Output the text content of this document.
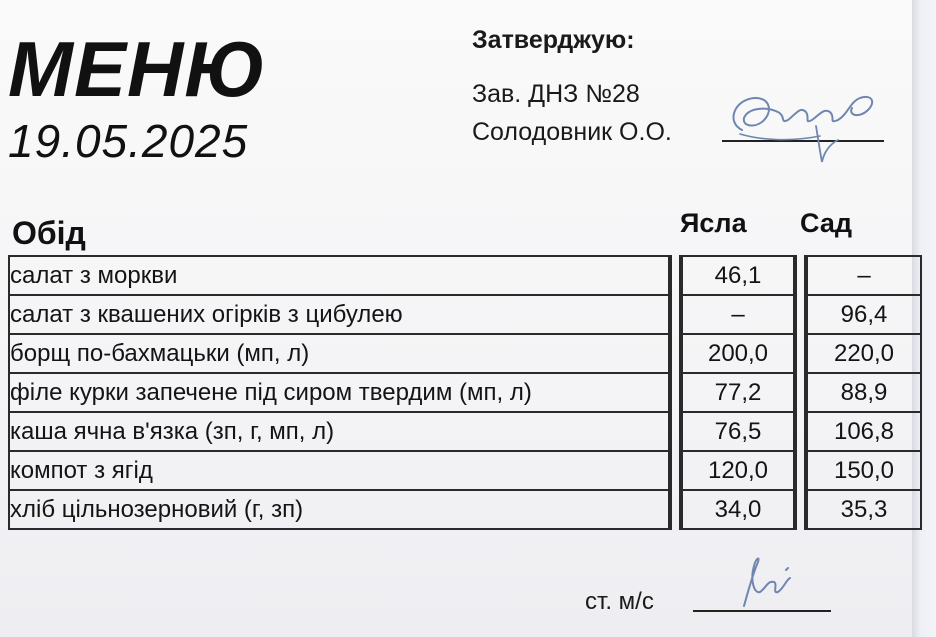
МЕНЮ
19.05.2025
Затверджую:
Зав. ДНЗ №28
Солодовник О.О.
Обід	Ясла Сад
салат з моркви		46,1		–
салат з квашених огірків з цибулею		–		96,4
борщ по-бахмацьки (мп, л)		200,0		220,0
філе курки запечене під сиром твердим (мп, л)		77,2		88,9
каша ячна в'язка (зп, г, мп, л)		76,5		106,8
компот з ягід		120,0		150,0
хліб цільнозерновий (г, зп)		34,0		35,3
ст. м/с
